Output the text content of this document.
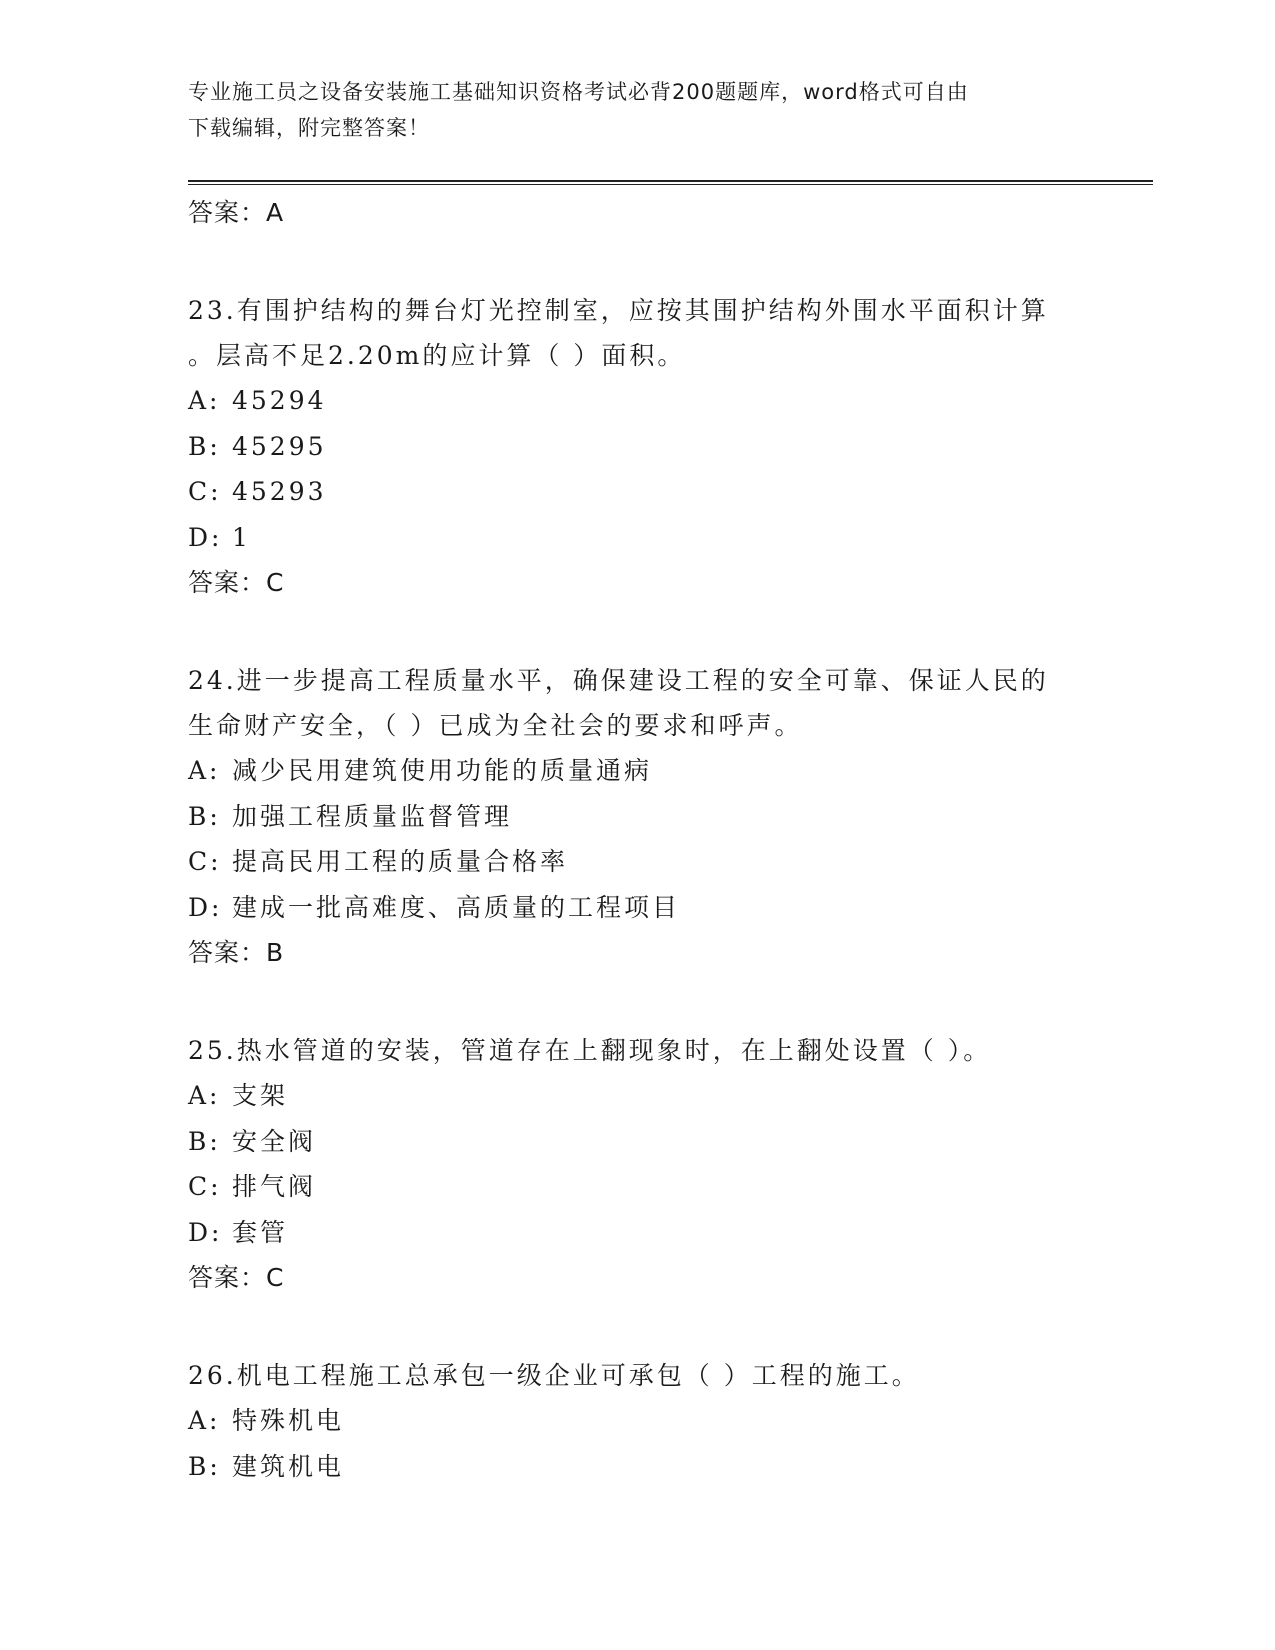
专业施工员之设备安装施工基础知识资格考试必背200题题库，word格式可自由
下载编辑，附完整答案！
答案：A
23.有围护结构的舞台灯光控制室，应按其围护结构外围水平面积计算
。层高不足2.20m的应计算（ ）面积。
A: 45294
B: 45295
C: 45293
D: 1
答案：C
24.进一步提高工程质量水平，确保建设工程的安全可靠、保证人民的
生命财产安全，（ ）已成为全社会的要求和呼声。
A: 减少民用建筑使用功能的质量通病
B: 加强工程质量监督管理
C: 提高民用工程的质量合格率
D: 建成一批高难度、高质量的工程项目
答案：B
25.热水管道的安装，管道存在上翻现象时，在上翻处设置（ ）。
A: 支架
B: 安全阀
C: 排气阀
D: 套管
答案：C
26.机电工程施工总承包一级企业可承包（ ）工程的施工。
A: 特殊机电
B: 建筑机电
